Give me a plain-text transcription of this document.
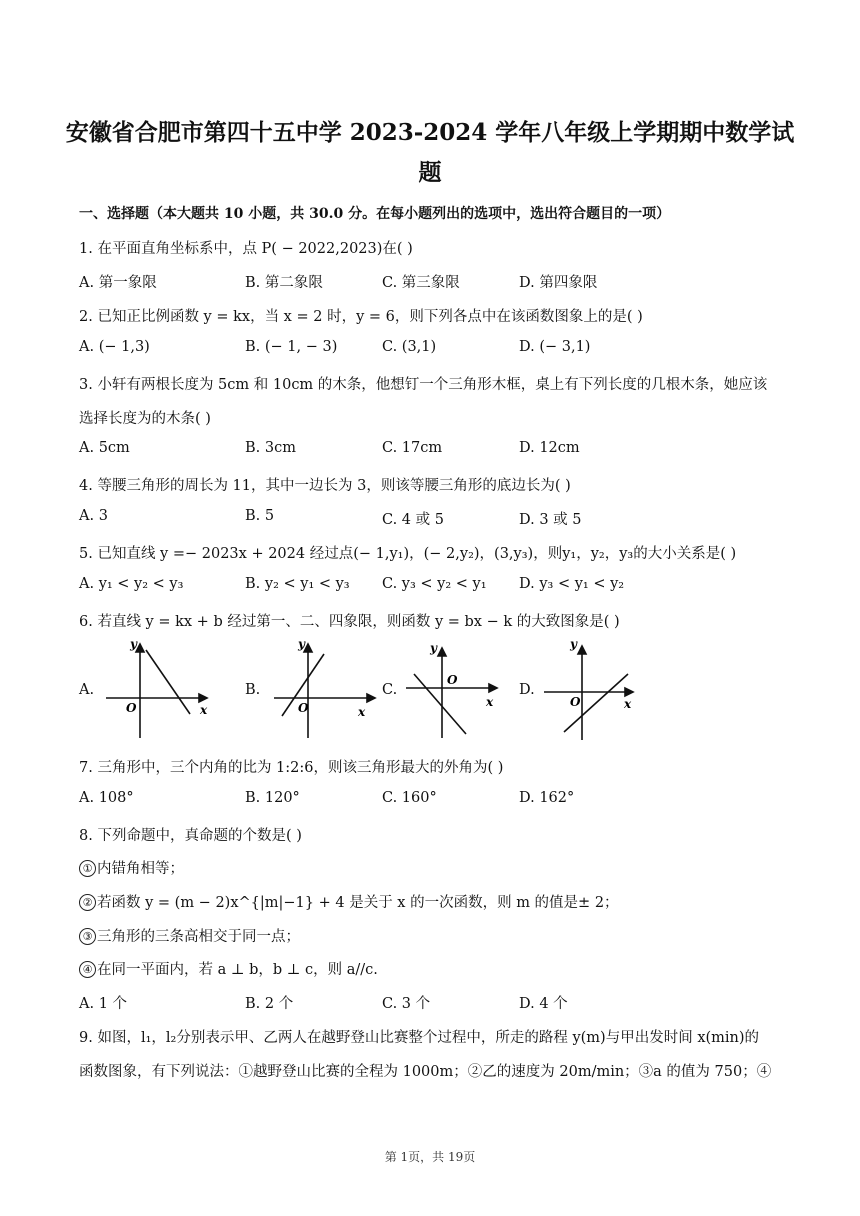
安徽省合肥市第四十五中学 2023-2024 学年八年级上学期期中数学试
题
一、选择题（本大题共 10 小题，共 30.0 分。在每小题列出的选项中，选出符合题目的一项）
1. 在平面直角坐标系中，点 P( − 2022,2023)在( )
A. 第一象限	B. 第二象限	C. 第三象限	D. 第四象限
2. 已知正比例函数 y = kx，当 x = 2 时，y = 6，则下列各点中在该函数图象上的是( )
A. (− 1,3)	B. (− 1, − 3)	C. (3,1)	D. (− 3,1)
3. 小轩有两根长度为 5cm 和 10cm 的木条，他想钉一个三角形木框，桌上有下列长度的几根木条，她应该
选择长度为的木条( )
A. 5cm	B. 3cm	C. 17cm	D. 12cm
4. 等腰三角形的周长为 11，其中一边长为 3，则该等腰三角形的底边长为( )
A. 3	B. 5	C. 4 或 5	D. 3 或 5
5. 已知直线 y =− 2023x + 2024 经过点(− 1,y₁)，(− 2,y₂)，(3,y₃)，则y₁，y₂，y₃的大小关系是( )
A. y₁ < y₂ < y₃	B. y₂ < y₁ < y₃ C. y₃ < y₂ < y₁ D. y₃ < y₁ < y₂
6. 若直线 y = kx + b 经过第一、二、四象限，则函数 y = bx − k 的大致图象是( )
A.	B.	C.	D.
y
x
O
y
x
O
y
x
O
y
x
O
7. 三角形中，三个内角的比为 1:2:6，则该三角形最大的外角为( )
A. 108°	B. 120°	C. 160°	D. 162°
8. 下列命题中，真命题的个数是( )
① 内错角相等；
② 若函数 y = (m − 2)x^{|m|−1} + 4 是关于 x 的一次函数，则 m 的值是± 2；
③ 三角形的三条高相交于同一点；
④ 在同一平面内，若 a ⊥ b，b ⊥ c，则 a//c.
A. 1 个	B. 2 个	C. 3 个	D. 4 个
9. 如图，l₁，l₂分别表示甲、乙两人在越野登山比赛整个过程中，所走的路程 y(m)与甲出发时间 x(min)的
函数图象，有下列说法：①越野登山比赛的全程为 1000m；②乙的速度为 20m/min；③a 的值为 750；④
第 1页，共 19页
